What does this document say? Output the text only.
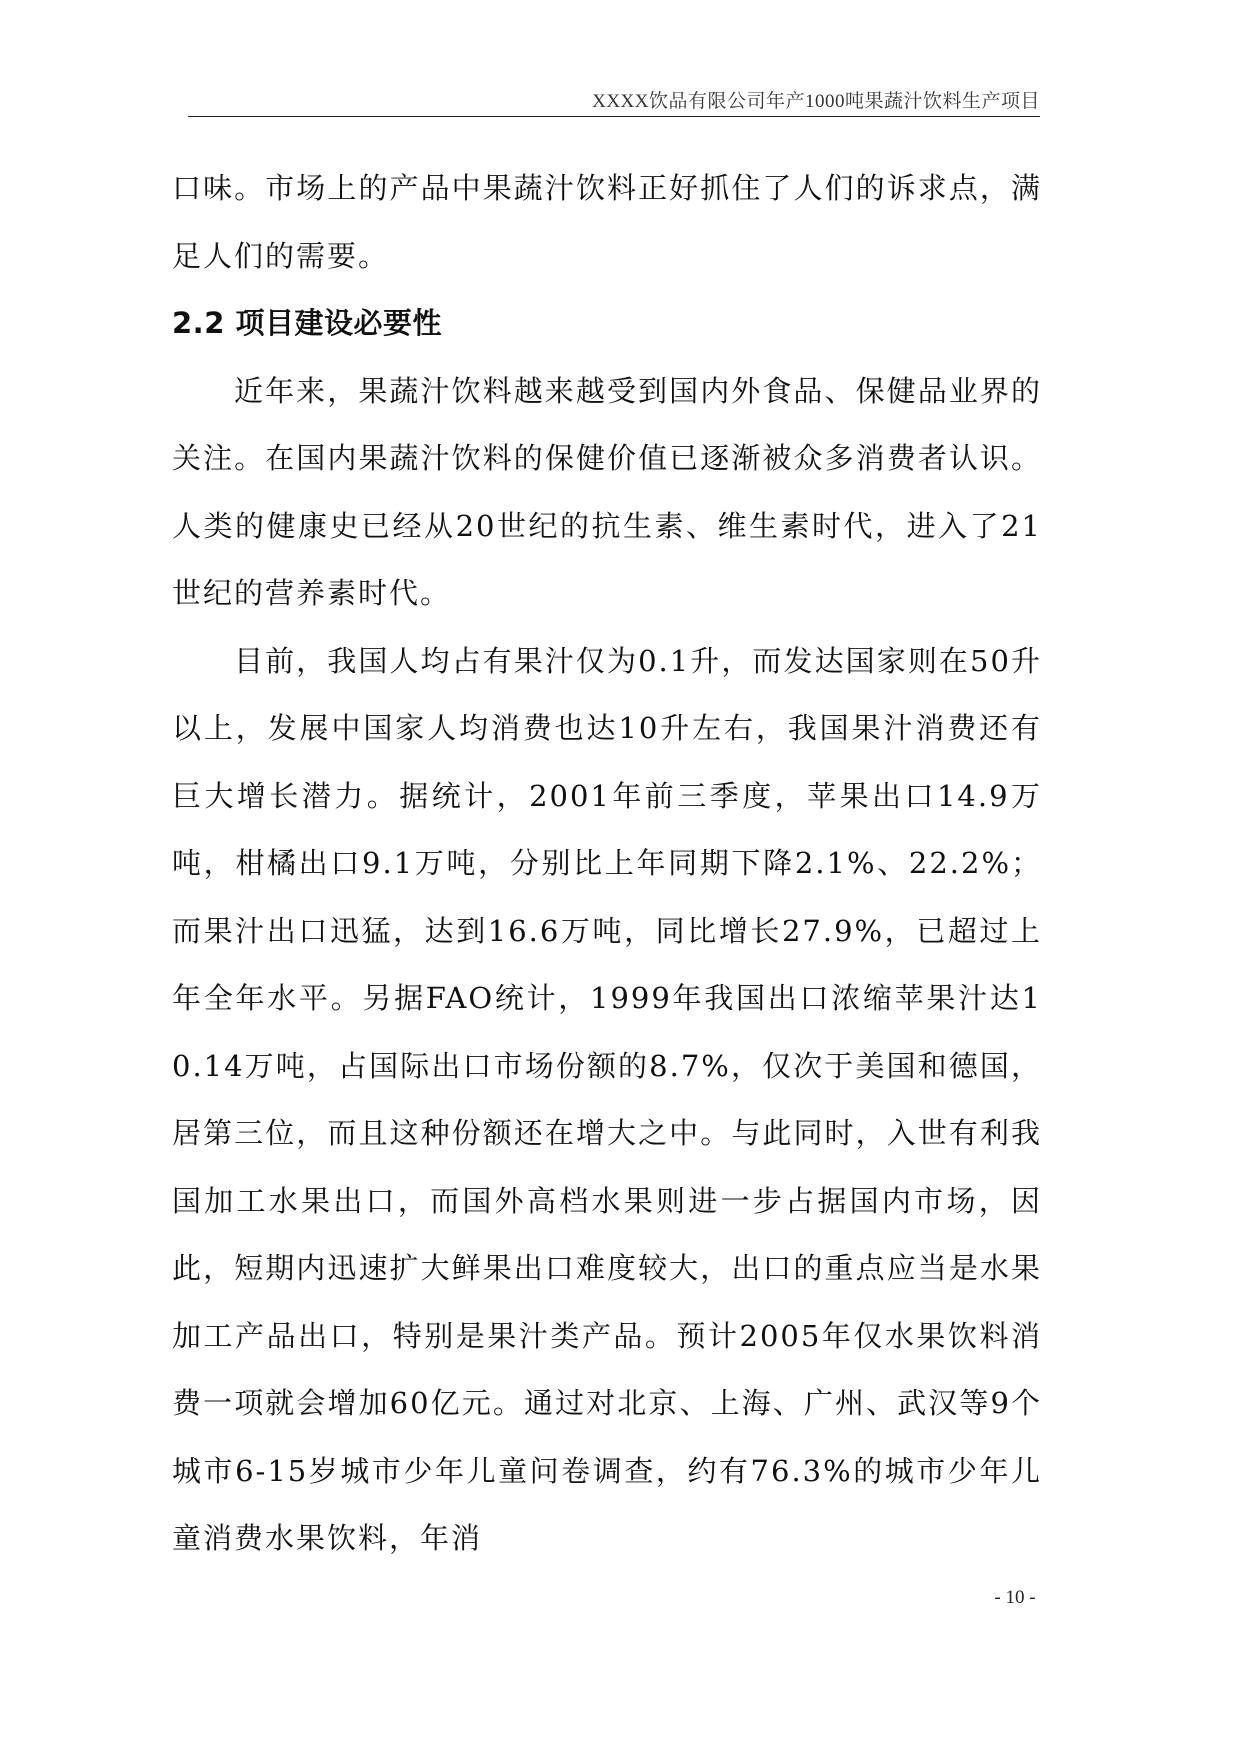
XXXX饮品有限公司年产1000吨果蔬汁饮料生产项目

口味。市场上的产品中果蔬汁饮料正好抓住了人们的诉求点，满足人们的需要。

2.2 项目建设必要性

近年来，果蔬汁饮料越来越受到国内外食品、保健品业界的关注。在国内果蔬汁饮料的保健价值已逐渐被众多消费者认识。人类的健康史已经从20世纪的抗生素、维生素时代，进入了21世纪的营养素时代。

目前，我国人均占有果汁仅为0.1升，而发达国家则在50升以上，发展中国家人均消费也达10升左右，我国果汁消费还有巨大增长潜力。据统计，2001年前三季度，苹果出口14.9万吨，柑橘出口9.1万吨，分别比上年同期下降2.1%、22.2%；而果汁出口迅猛，达到16.6万吨，同比增长27.9%，已超过上年全年水平。另据FAO统计，1999年我国出口浓缩苹果汁达10.14万吨，占国际出口市场份额的8.7%，仅次于美国和德国，居第三位，而且这种份额还在增大之中。与此同时，入世有利我国加工水果出口，而国外高档水果则进一步占据国内市场，因此，短期内迅速扩大鲜果出口难度较大，出口的重点应当是水果加工产品出口，特别是果汁类产品。预计2005年仅水果饮料消费一项就会增加60亿元。通过对北京、上海、广州、武汉等9个城市6-15岁城市少年儿童问卷调查，约有76.3%的城市少年儿童消费水果饮料，年消

- 10 -
